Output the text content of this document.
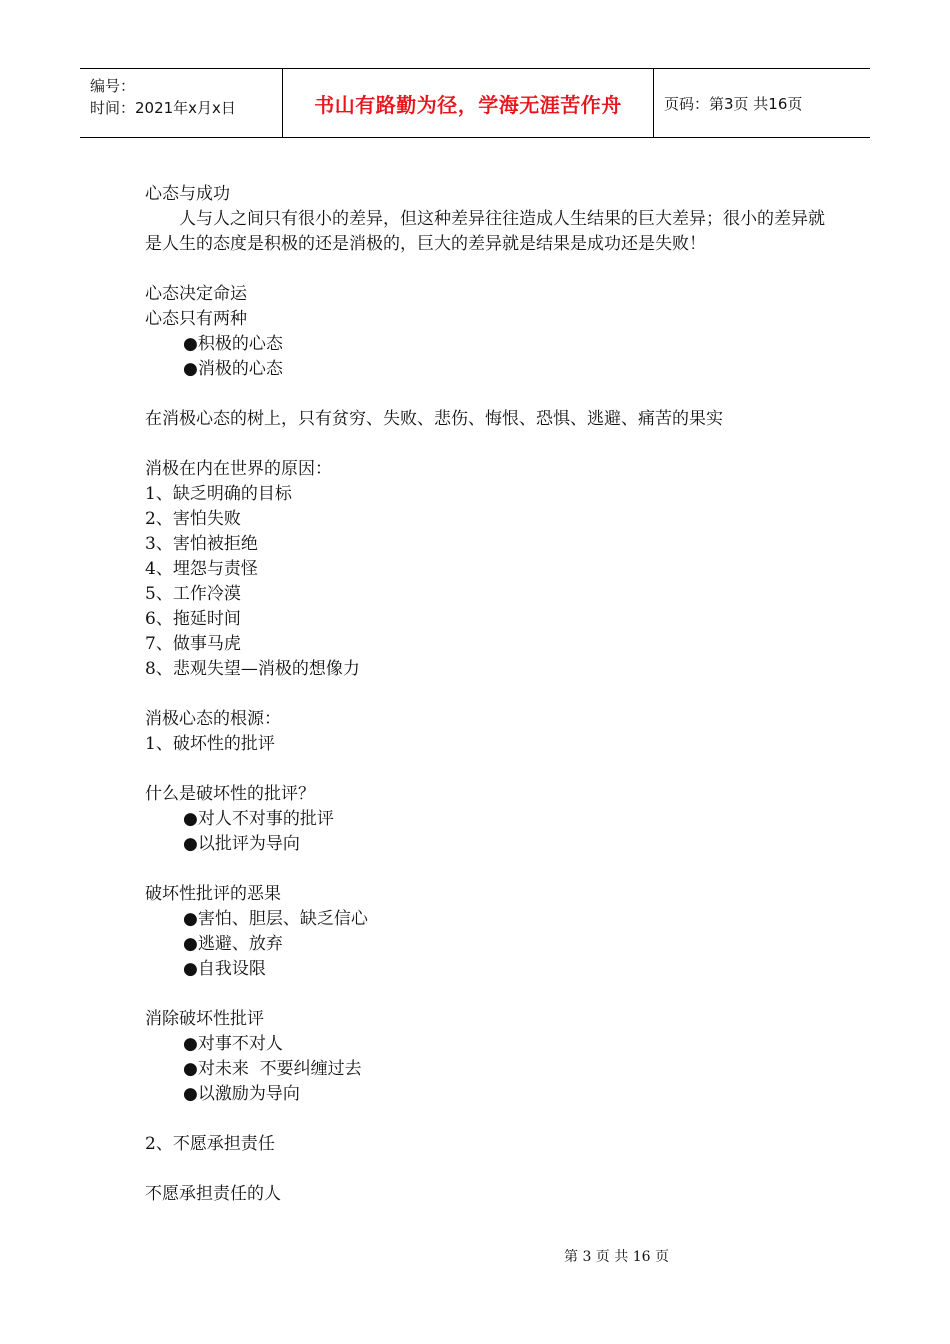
编号：
时间：2021年x月x日	书山有路勤为径，学海无涯苦作舟	页码：第3页 共16页
心态与成功
人与人之间只有很小的差异，但这种差异往往造成人生结果的巨大差异；很小的差异就是人生的态度是积极的还是消极的，巨大的差异就是结果是成功还是失败！
心态决定命运
心态只有两种
●积极的心态
●消极的心态
在消极心态的树上，只有贫穷、失败、悲伤、悔恨、恐惧、逃避、痛苦的果实
消极在内在世界的原因：
1、缺乏明确的目标
2、害怕失败
3、害怕被拒绝
4、埋怨与责怪
5、工作冷漠
6、拖延时间
7、做事马虎
8、悲观失望—消极的想像力
消极心态的根源：
1、破坏性的批评
什么是破坏性的批评？
●对人不对事的批评
●以批评为导向
破坏性批评的恶果
●害怕、胆层、缺乏信心
●逃避、放弃
●自我设限
消除破坏性批评
●对事不对人
●对未来  不要纠缠过去
●以激励为导向
2、不愿承担责任
不愿承担责任的人
第 3 页 共 16 页
